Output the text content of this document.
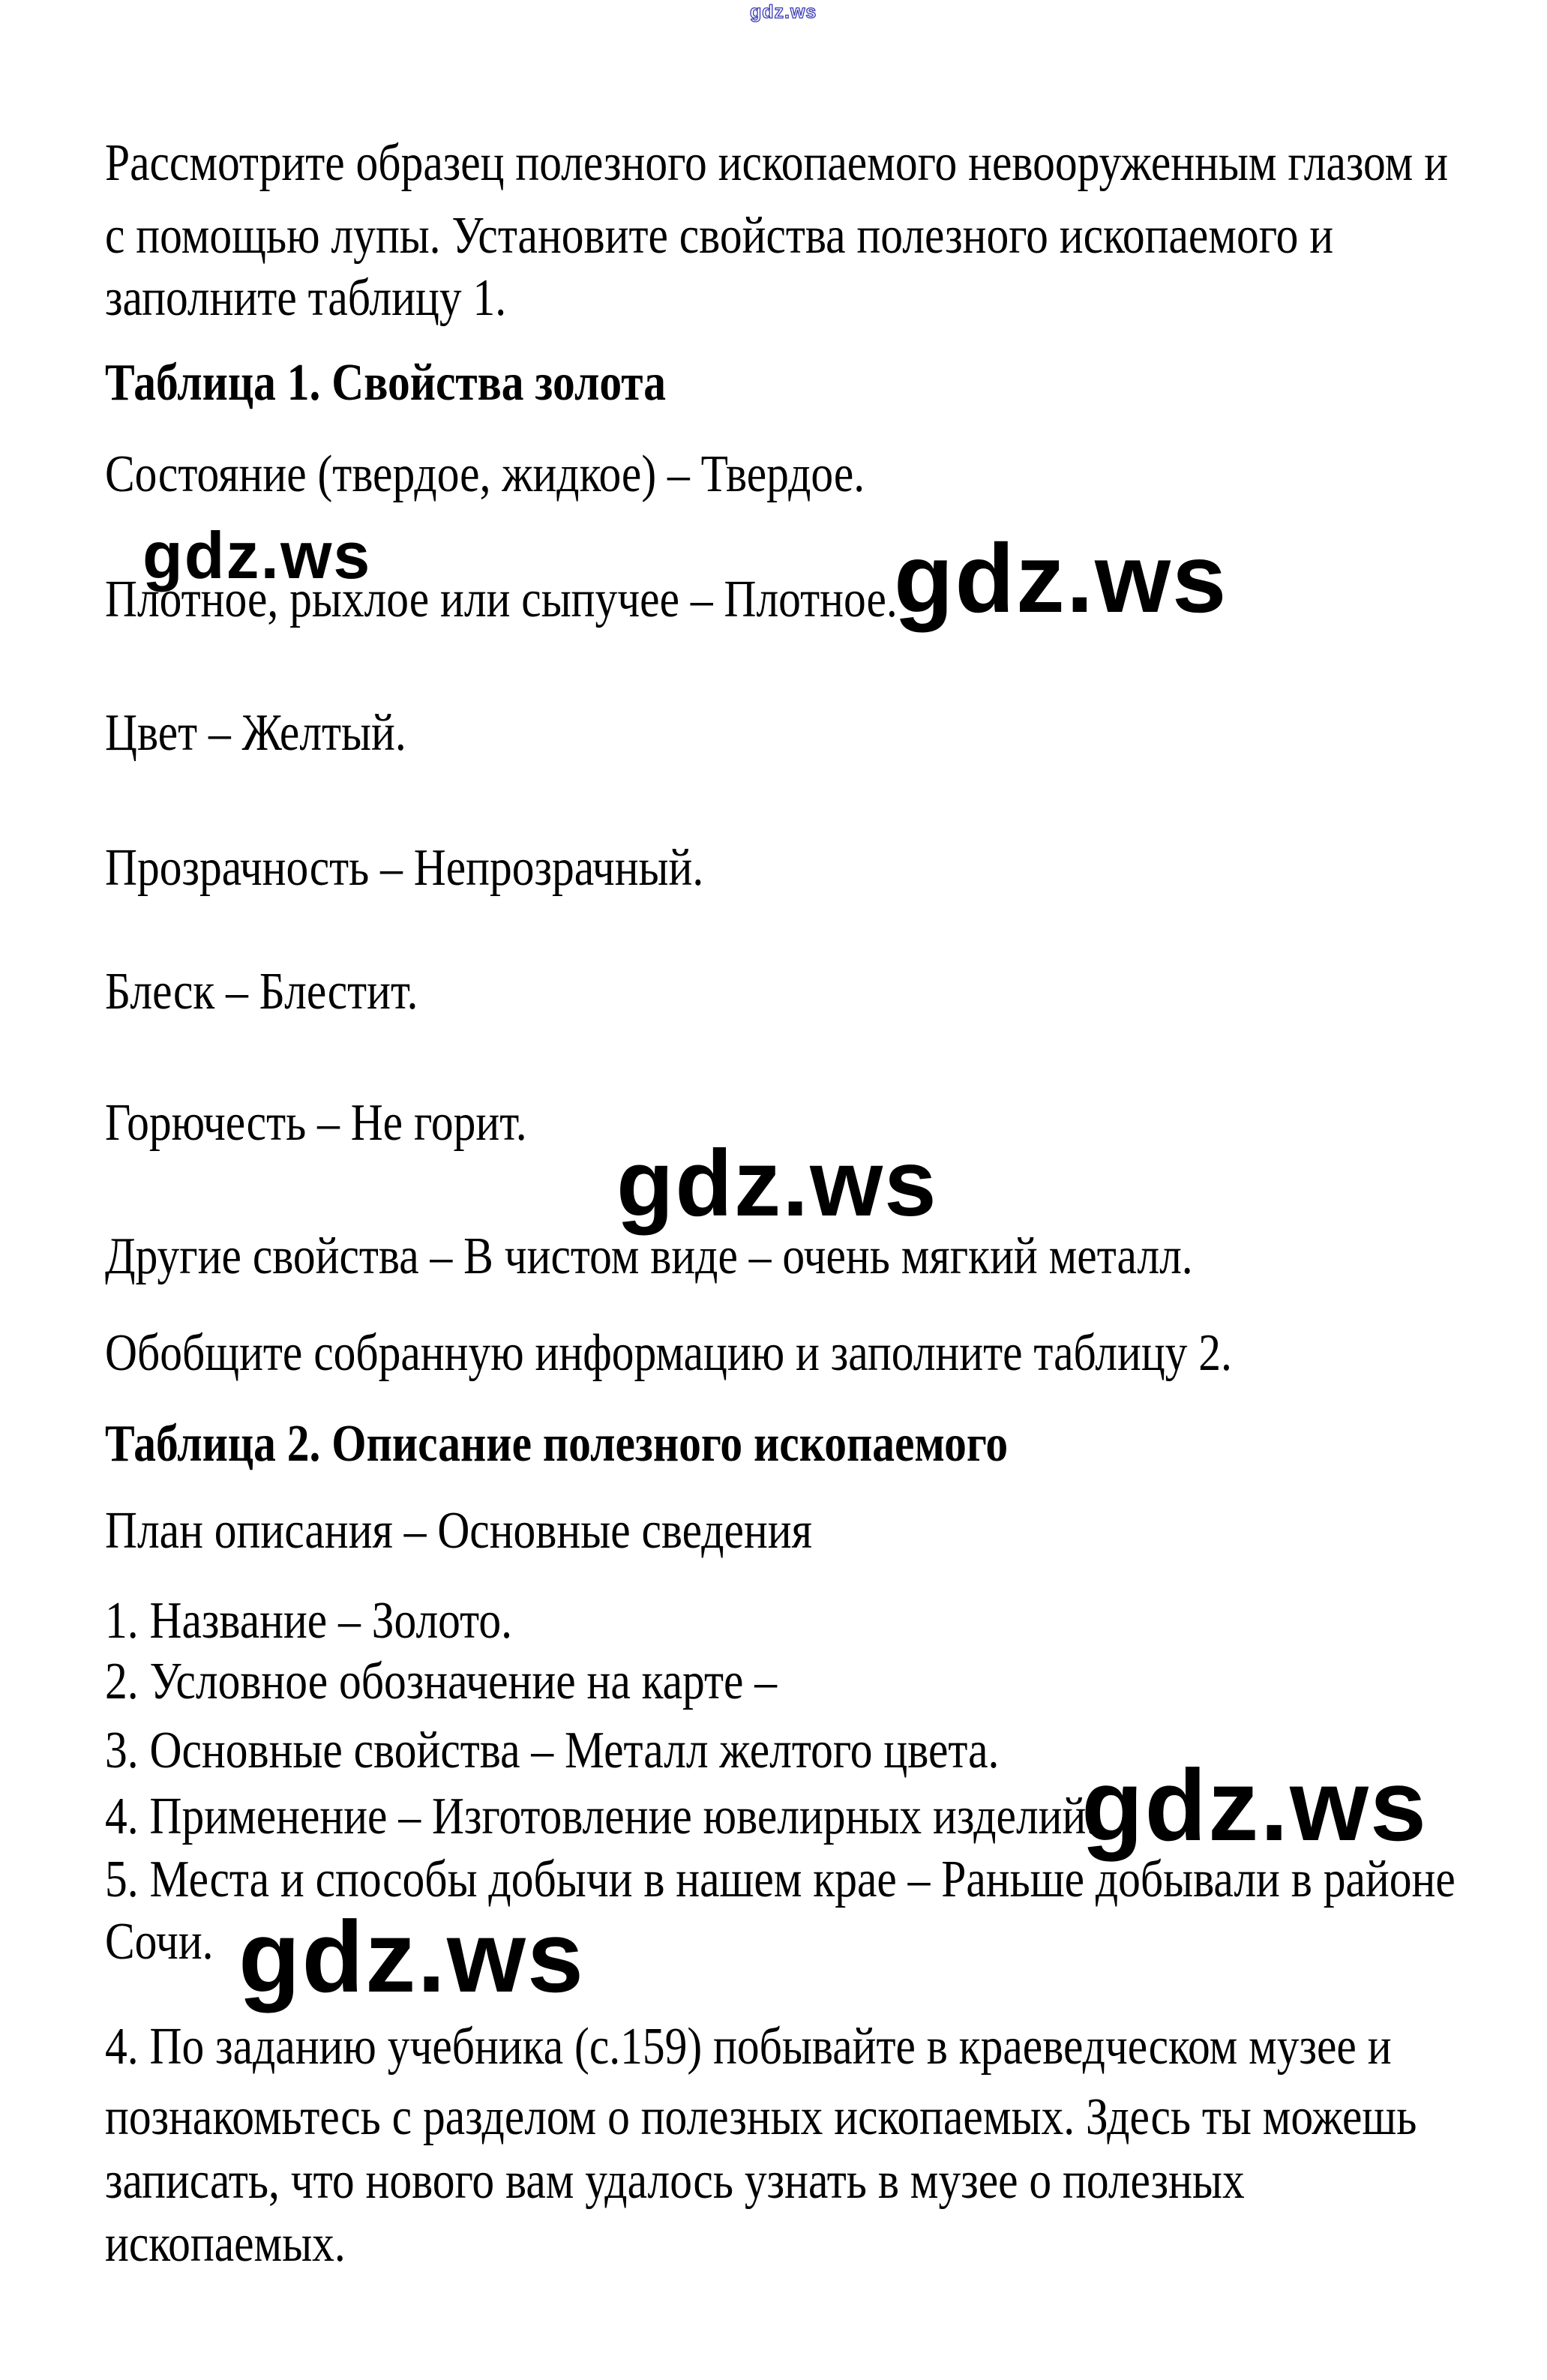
gdz.ws
Рассмотрите образец полезного ископаемого невооруженным глазом и
с помощью лупы. Установите свойства полезного ископаемого и
заполните таблицу 1.
Таблица 1. Свойства золота
Состояние (твердое, жидкое) – Твердое.
gdz.ws	gdz.ws
Плотное, рыхлое или сыпучее – Плотное.
Цвет – Желтый.
Прозрачность – Непрозрачный.
Блеск – Блестит.
Горючесть – Не горит.
gdz.ws
Другие свойства – В чистом виде – очень мягкий металл.
Обобщите собранную информацию и заполните таблицу 2.
Таблица 2. Описание полезного ископаемого
План описания – Основные сведения
1. Название – Золото.
2. Условное обозначение на карте –
3. Основные свойства – Металл желтого цвета.
4. Применение – Изготовление ювелирных изделий.
gdz.ws
5. Места и способы добычи в нашем крае – Раньше добывали в районе
Сочи. gdz.ws
4. По заданию учебника (с.159) побывайте в краеведческом музее и
познакомьтесь с разделом о полезных ископаемых. Здесь ты можешь
записать, что нового вам удалось узнать в музее о полезных
ископаемых.
